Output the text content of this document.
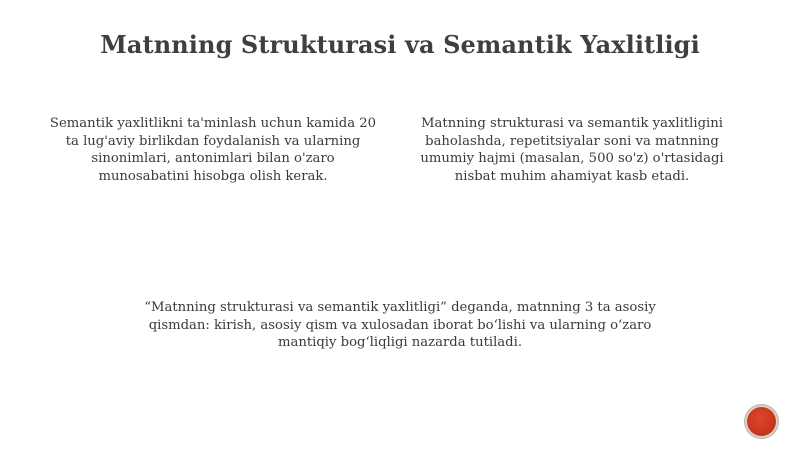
Matnning Strukturasi va Semantik Yaxlitligi
Semantik yaxlitlikni ta'minlash uchun kamida 20 ta lug'aviy birlikdan foydalanish va ularning sinonimlari, antonimlari bilan o'zaro munosabatini hisobga olish kerak.
Matnning strukturasi va semantik yaxlitligini baholashda, repetitsiyalar soni va matnning umumiy hajmi (masalan, 500 so'z) o'rtasidagi nisbat muhim ahamiyat kasb etadi.
“Matnning strukturasi va semantik yaxlitligi” deganda, matnning 3 ta asosiy qismdan: kirish, asosiy qism va xulosadan iborat bo‘lishi va ularning o‘zaro mantiqiy bog‘liqligi nazarda tutiladi.
